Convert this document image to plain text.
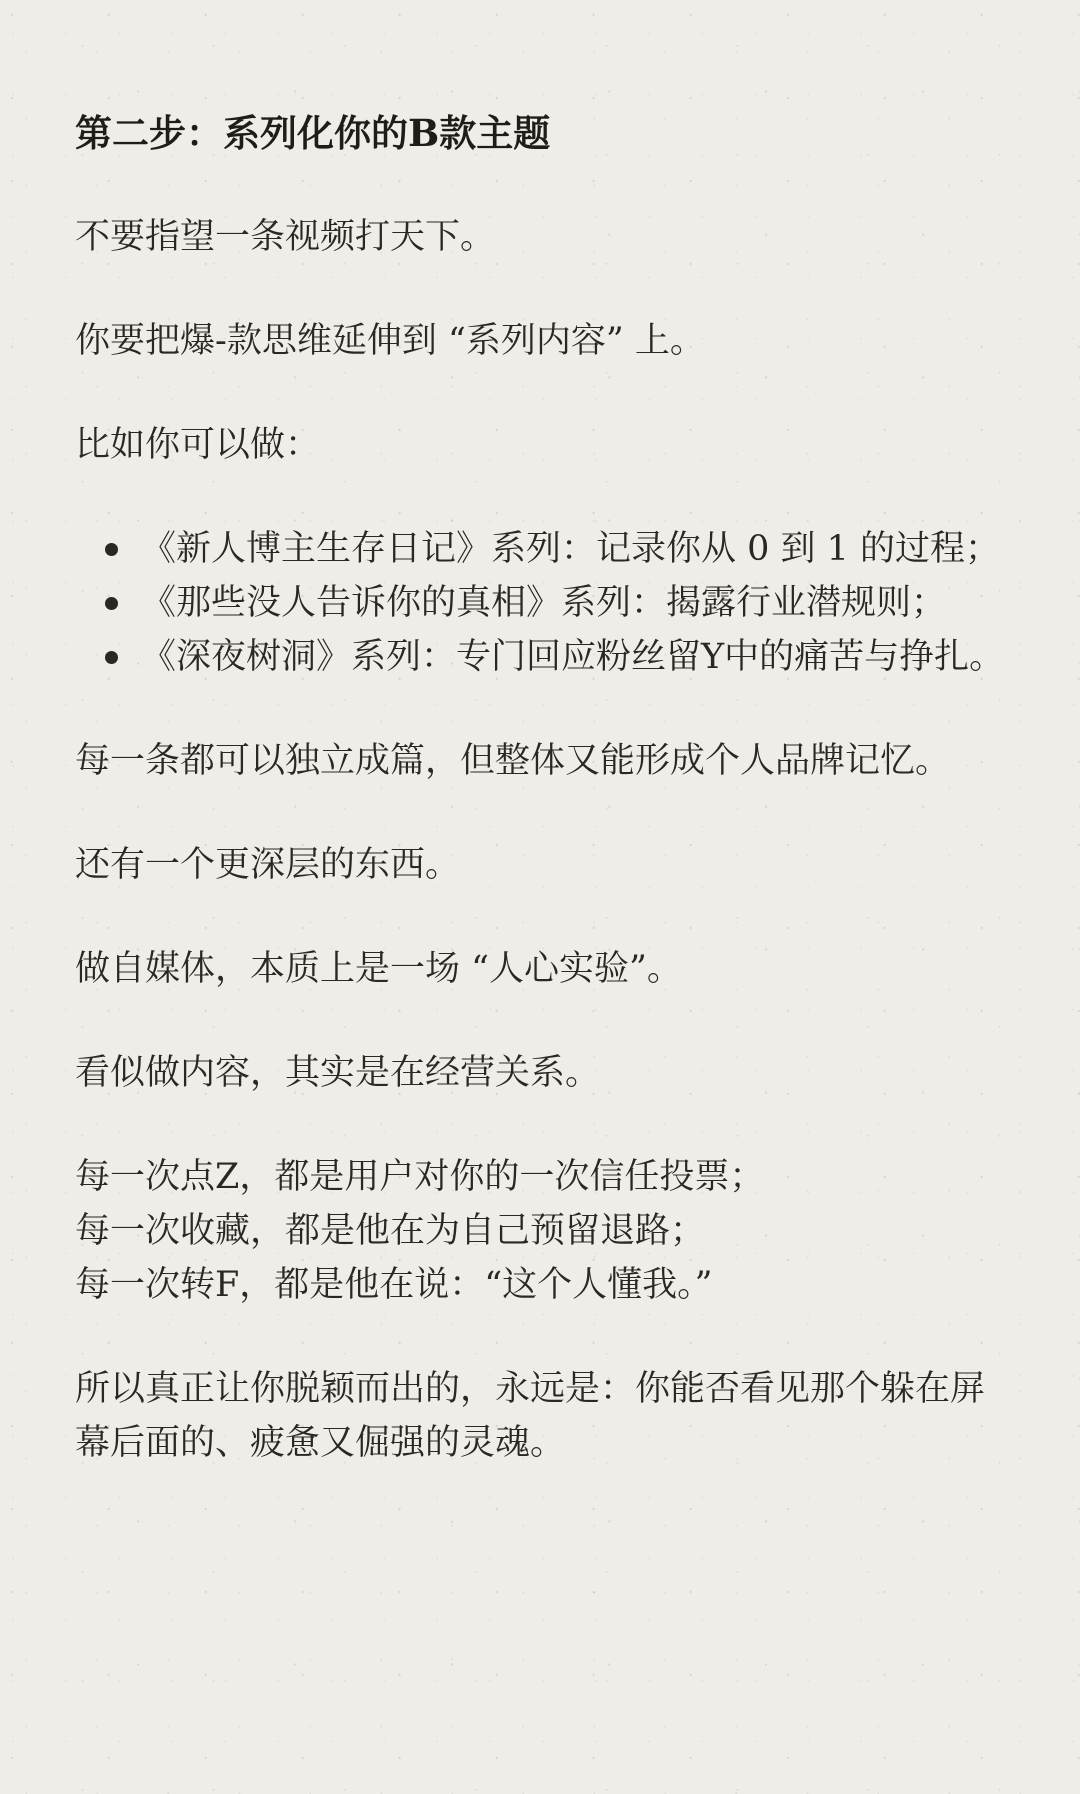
第二步：系列化你的B款主题

不要指望一条视频打天下。

你要把爆-款思维延伸到 “系列内容” 上。

比如你可以做：

《新人博主生存日记》系列：记录你从 0 到 1 的过程；
《那些没人告诉你的真相》系列：揭露行业潜规则；
《深夜树洞》系列：专门回应粉丝留Y中的痛苦与挣扎。

每一条都可以独立成篇，但整体又能形成个人品牌记忆。

还有一个更深层的东西。

做自媒体，本质上是一场 “人心实验”。

看似做内容，其实是在经营关系。

每一次点Z，都是用户对你的一次信任投票；
每一次收藏，都是他在为自己预留退路；
每一次转F，都是他在说：“这个人懂我。”

所以真正让你脱颖而出的，永远是：你能否看见那个躲在屏幕后面的、疲惫又倔强的灵魂。
